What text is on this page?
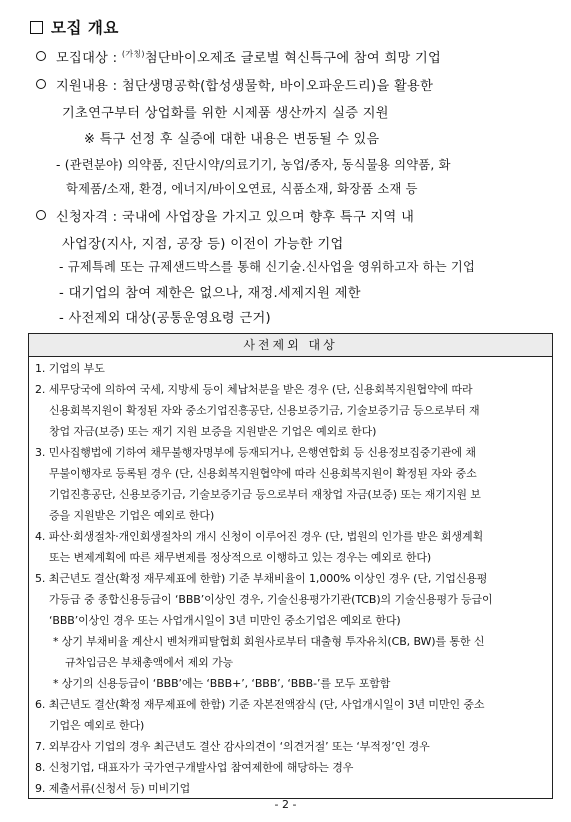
모집 개요
모집대상 : $^{(가칭)}$첨단바이오제조 글로벌 혁신특구에 참여 희망 기업
지원내용 : 첨단생명공학(합성생물학, 바이오파운드리)을 활용한
기초연구부터 상업화를 위한 시제품 생산까지 실증 지원
※ 특구 선정 후 실증에 대한 내용은 변동될 수 있음
- (관련분야) 의약품, 진단시약/의료기기, 농업/종자, 동식물용 의약품, 화
학제품/소재, 환경, 에너지/바이오연료, 식품소재, 화장품 소재 등
신청자격 : 국내에 사업장을 가지고 있으며 향후 특구 지역 내
사업장(지사, 지점, 공장 등) 이전이 가능한 기업
- 규제특례 또는 규제샌드박스를 통해 신기술.신사업을 영위하고자 하는 기업
- 대기업의 참여 제한은 없으나, 재정.세제지원 제한
- 사전제외 대상(공통운영요령 근거)
사전제외 대상
1. 기업의 부도
2. 세무당국에 의하여 국세, 지방세 등이 체납처분을 받은 경우 (단, 신용회복지원협약에 따라
신용회복지원이 확정된 자와 중소기업진흥공단, 신용보증기금, 기술보증기금 등으로부터 재
창업 자금(보증) 또는 재기 지원 보증을 지원받은 기업은 예외로 한다)
3. 민사집행법에 기하여 채무불행자명부에 등재되거나, 은행연합회 등 신용정보집중기관에 채
무불이행자로 등록된 경우 (단, 신용회복지원협약에 따라 신용회복지원이 확정된 자와 중소
기업진흥공단, 신용보증기금, 기술보증기금 등으로부터 재창업 자금(보증) 또는 재기지원 보
증을 지원받은 기업은 예외로 한다)
4. 파산·회생절차·개인회생절차의 개시 신청이 이루어진 경우 (단, 법원의 인가를 받은 회생계획
또는 변제계획에 따른 채무변제를 정상적으로 이행하고 있는 경우는 예외로 한다)
5. 최근년도 결산(확정 재무제표에 한함) 기준 부채비율이 1,000% 이상인 경우 (단, 기업신용평
가등급 중 종합신용등급이 ‘BBB’이상인 경우, 기술신용평가기관(TCB)의 기술신용평가 등급이
‘BBB’이상인 경우 또는 사업개시일이 3년 미만인 중소기업은 예외로 한다)
* 상기 부채비율 계산시 벤처캐피탈협회 회원사로부터 대출형 투자유치(CB, BW)를 통한 신
규차입금은 부채총액에서 제외 가능
* 상기의 신용등급이 ‘BBB’에는 ‘BBB+’, ‘BBB’, ‘BBB-’를 모두 포함함
6. 최근년도 결산(확정 재무제표에 한함) 기준 자본전액잠식 (단, 사업개시일이 3년 미만인 중소
기업은 예외로 한다)
7. 외부감사 기업의 경우 최근년도 결산 감사의견이 ‘의견거절’ 또는 ‘부적정’인 경우
8. 신청기업, 대표자가 국가연구개발사업 참여제한에 해당하는 경우
9. 제출서류(신청서 등) 미비기업
- 2 -
